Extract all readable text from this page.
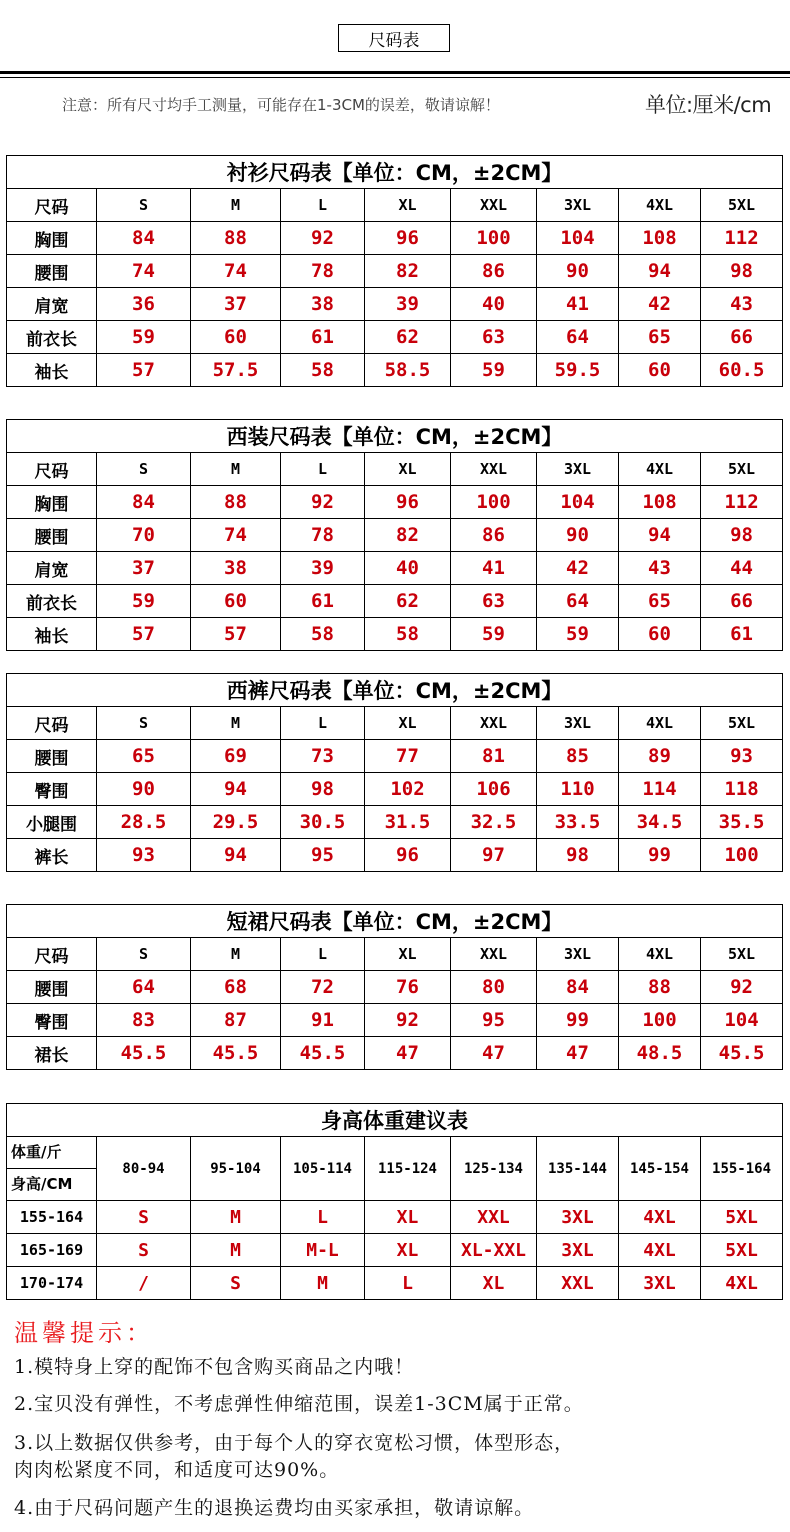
尺码表
注意：所有尺寸均手工测量，可能存在1-3CM的误差，敬请谅解！	单位:厘米/cm
衬衫尺码表【单位：CM，±2CM】								
尺码	S	M	L	XL	XXL	3XL	4XL	5XL
胸围	84	88	92	96	100	104	108	112
腰围	74	74	78	82	86	90	94	98
肩宽	36	37	38	39	40	41	42	43
前衣长	59	60	61	62	63	64	65	66
袖长	57	57.5	58	58.5	59	59.5	60	60.5
西装尺码表【单位：CM，±2CM】								
尺码	S	M	L	XL	XXL	3XL	4XL	5XL
胸围	84	88	92	96	100	104	108	112
腰围	70	74	78	82	86	90	94	98
肩宽	37	38	39	40	41	42	43	44
前衣长	59	60	61	62	63	64	65	66
袖长	57	57	58	58	59	59	60	61
西裤尺码表【单位：CM，±2CM】								
尺码	S	M	L	XL	XXL	3XL	4XL	5XL
腰围	65	69	73	77	81	85	89	93
臀围	90	94	98	102	106	110	114	118
小腿围	28.5	29.5	30.5	31.5	32.5	33.5	34.5	35.5
裤长	93	94	95	96	97	98	99	100
短裙尺码表【单位：CM，±2CM】								
尺码	S	M	L	XL	XXL	3XL	4XL	5XL
腰围	64	68	72	76	80	84	88	92
臀围	83	87	91	92	95	99	100	104
裙长	45.5	45.5	45.5	47	47	47	48.5	45.5
身高体重建议表								

体重/斤
身高/CM	80-94	95-104	105-114	115-124	125-134	135-144	145-154	155-164
155-164	S	M	L	XL	XXL	3XL	4XL	5XL
165-169	S	M	M-L	XL	XL-XXL	3XL	4XL	5XL
170-174	/	S	M	L	XL	XXL	3XL	4XL
温馨提示：
1.模特身上穿的配饰不包含购买商品之内哦！
2.宝贝没有弹性，不考虑弹性伸缩范围，误差1-3CM属于正常。
3.以上数据仅供参考，由于每个人的穿衣宽松习惯，体型形态，
肉肉松紧度不同，和适度可达90%。
4.由于尺码问题产生的退换运费均由买家承担，敬请谅解。
